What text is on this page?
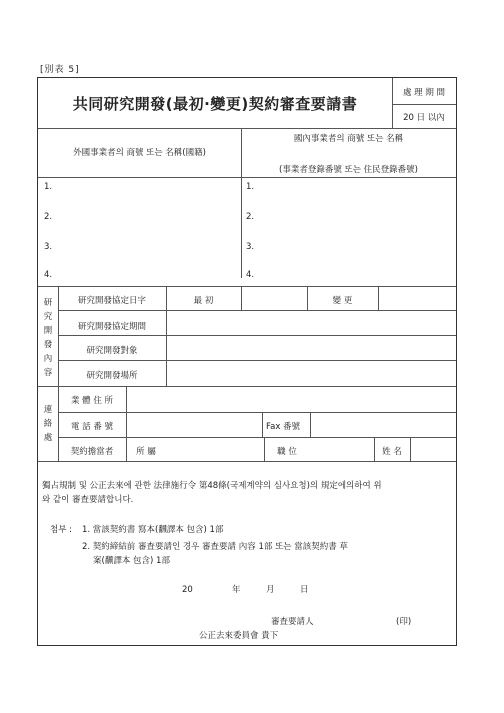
[別表 5]
共同研究開發(最初·變更)契約審査要請書
處 理 期 間
20 日 以內
外國事業者의 商號 또는 名稱(國籍)
國內事業者의 商號 또는 名稱
(事業者登錄番號 또는 住民登錄番號)
1.
2.
3.
4.
1.
2.
3.
4.
研
究
開
發
內
容
研究開發協定日字	最 初	變 更
研究開發協定期間
研究開發對象
研究開發場所
連
絡
處
業 體 住 所
電 話 番 號	Fax 番號
契約擔當者	所 屬	職 位	姓 名
獨占規制 및 公正去來에 관한 法律施行令 第48條(국제계약의 심사요청)의 規定에의하여 위
와 같이 審査要請합니다.
첨부 : 1. 當該契約書 寫本(飜譯本 包含) 1部
2. 契約締結前 審査要請인 경우 審査要請 內容 1部 또는 當該契約書 草
案(飜譯本 包含) 1部
20	年	月	日
審査要請人	(印)
公正去來委員會 貴下
